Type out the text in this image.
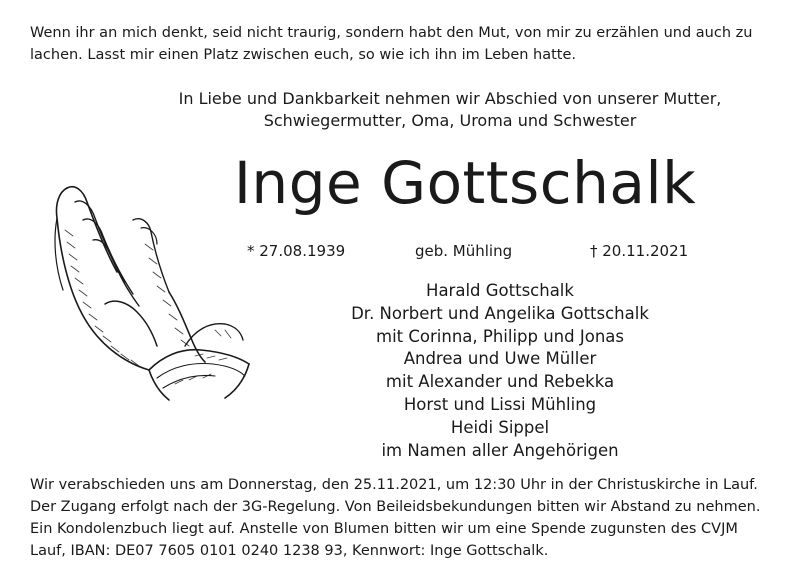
Wenn ihr an mich denkt, seid nicht traurig, sondern habt den Mut, von mir zu erzählen und auch zu
lachen. Lasst mir einen Platz zwischen euch, so wie ich ihn im Leben hatte.
In Liebe und Dankbarkeit nehmen wir Abschied von unserer Mutter,
Schwiegermutter, Oma, Uroma und Schwester
Inge Gottschalk
* 27.08.1939	geb. Mühling	† 20.11.2021
Harald Gottschalk
Dr. Norbert und Angelika Gottschalk
mit Corinna, Philipp und Jonas
Andrea und Uwe Müller
mit Alexander und Rebekka
Horst und Lissi Mühling
Heidi Sippel
im Namen aller Angehörigen
Wir verabschieden uns am Donnerstag, den 25.11.2021, um 12:30 Uhr in der Christuskirche in Lauf.
Der Zugang erfolgt nach der 3G-Regelung. Von Beileidsbekundungen bitten wir Abstand zu nehmen.
Ein Kondolenzbuch liegt auf. Anstelle von Blumen bitten wir um eine Spende zugunsten des CVJM
Lauf, IBAN: DE07 7605 0101 0240 1238 93, Kennwort: Inge Gottschalk.
